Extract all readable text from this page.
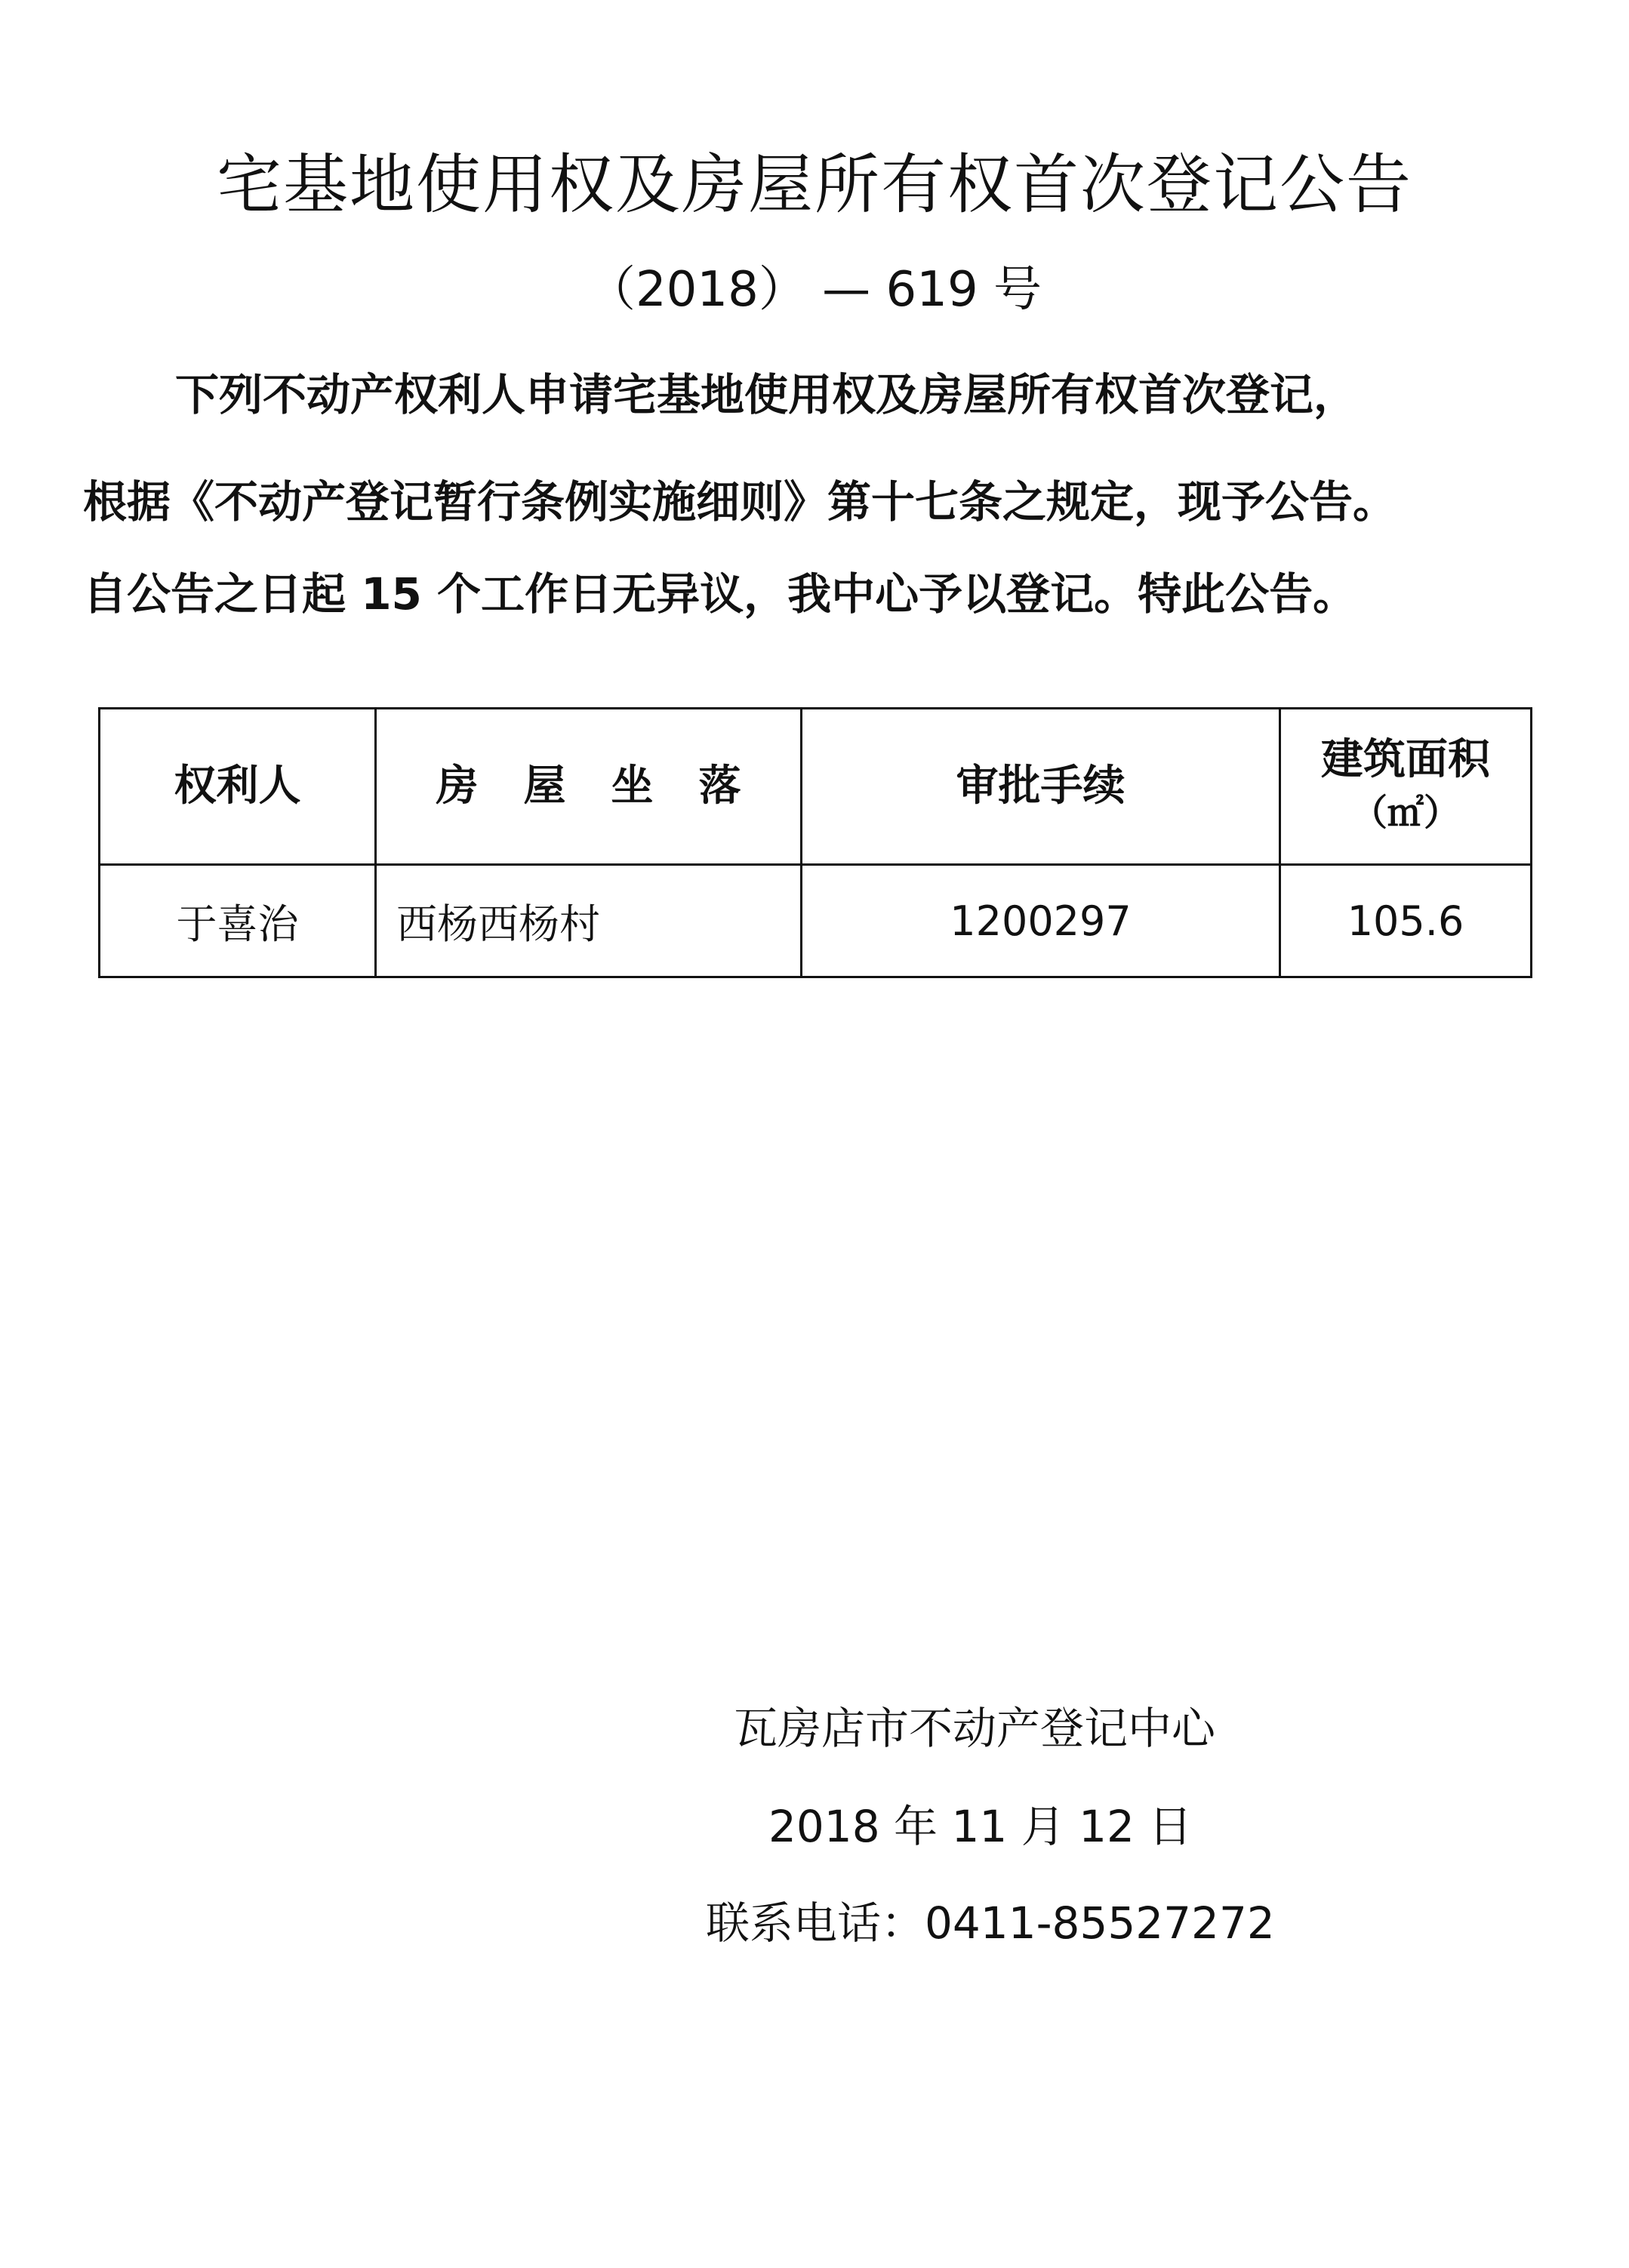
宅基地使用权及房屋所有权首次登记公告
（2018） — 619 号
下列不动产权利人申请宅基地使用权及房屋所有权首次登记，
根据《不动产登记暂行条例实施细则》第十七条之规定，现予公告。
自公告之日起 15 个工作日无异议，我中心予以登记。特此公告。
权利人	房屋坐落	审批手续	建筑面积
（㎡）

于喜治	西杨西杨村	1200297	105.6
瓦房店市不动产登记中心
2018 年 11 月 12 日
联系电话：0411-85527272
